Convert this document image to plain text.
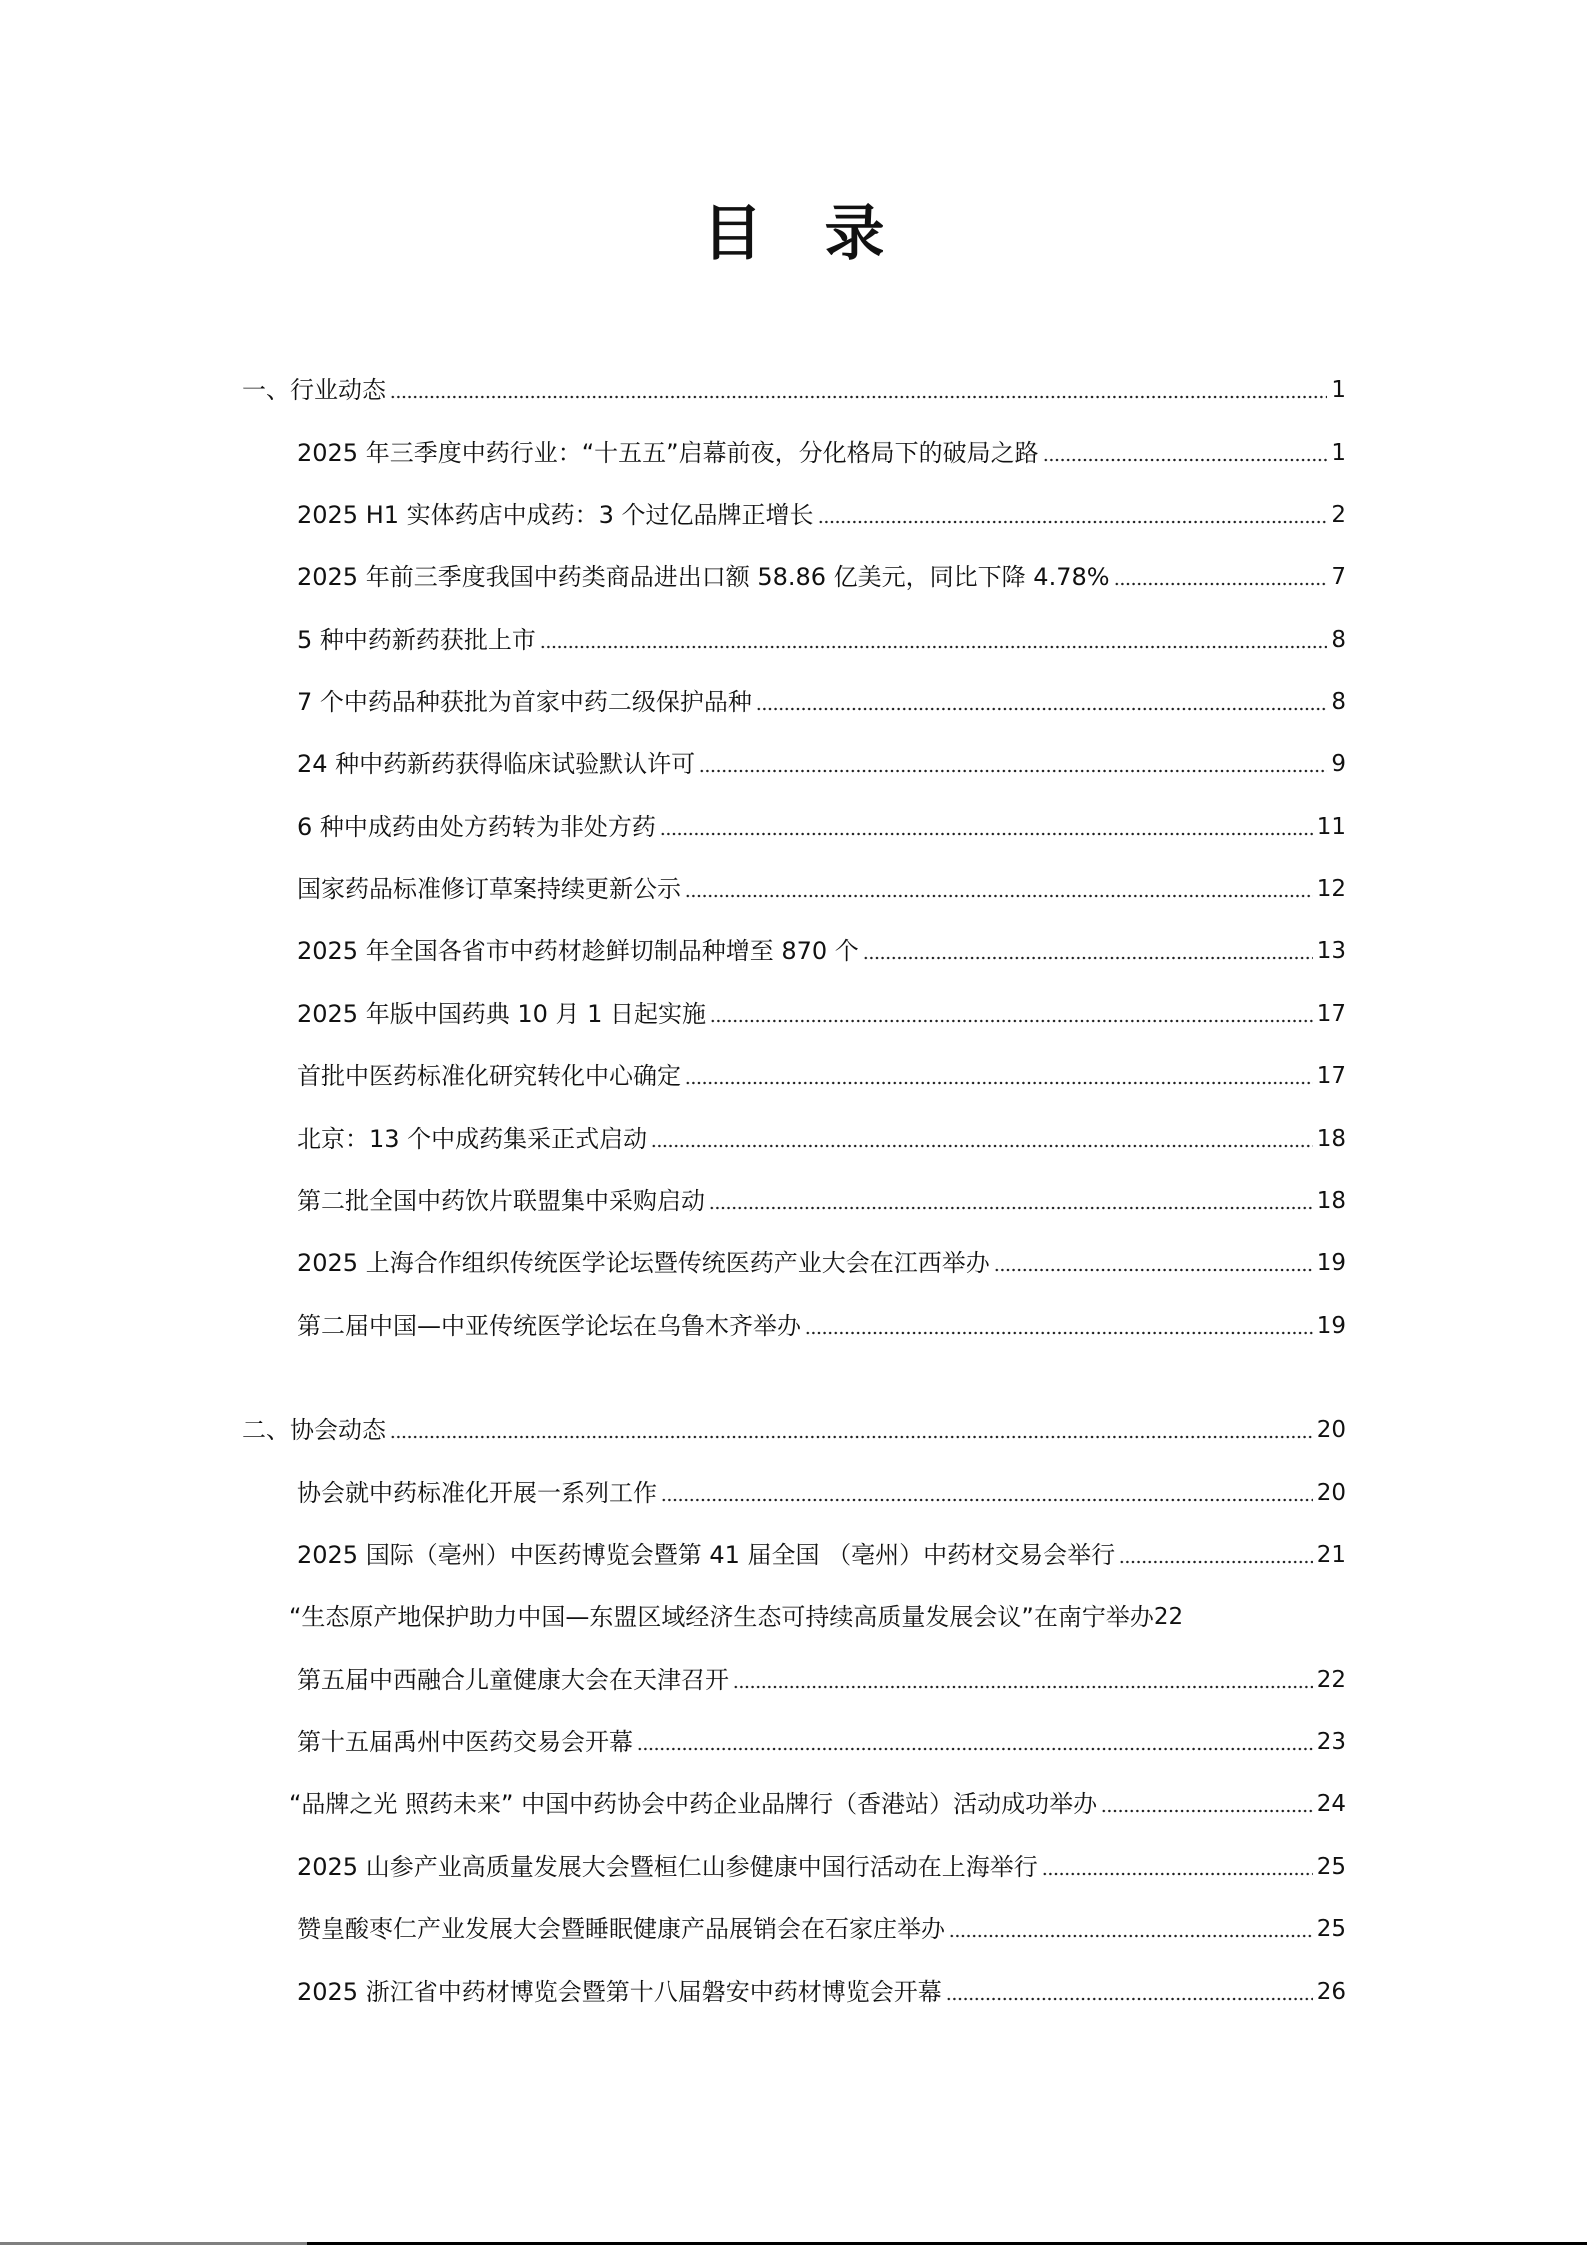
目 录
一、行业动态	1
2025 年三季度中药行业：“十五五”启幕前夜，分化格局下的破局之路	1
2025 H1 实体药店中成药：3 个过亿品牌正增长	2
2025 年前三季度我国中药类商品进出口额 58.86 亿美元，同比下降 4.78%	7
5 种中药新药获批上市	8
7 个中药品种获批为首家中药二级保护品种	8
24 种中药新药获得临床试验默认许可	9
6 种中成药由处方药转为非处方药	11
国家药品标准修订草案持续更新公示	12
2025 年全国各省市中药材趁鲜切制品种增至 870 个	13
2025 年版中国药典 10 月 1 日起实施	17
首批中医药标准化研究转化中心确定	17
北京：13 个中成药集采正式启动	18
第二批全国中药饮片联盟集中采购启动	18
2025 上海合作组织传统医学论坛暨传统医药产业大会在江西举办	19
第二届中国—中亚传统医学论坛在乌鲁木齐举办	19
二、协会动态	20
协会就中药标准化开展一系列工作	20
2025 国际（亳州）中医药博览会暨第 41 届全国 （亳州）中药材交易会举行	21
“生态原产地保护助力中国—东盟区域经济生态可持续高质量发展会议”在南宁举办 22
第五届中西融合儿童健康大会在天津召开	22
第十五届禹州中医药交易会开幕	23
“品牌之光 照药未来” 中国中药协会中药企业品牌行（香港站）活动成功举办	24
2025 山参产业高质量发展大会暨桓仁山参健康中国行活动在上海举行	25
赞皇酸枣仁产业发展大会暨睡眠健康产品展销会在石家庄举办	25
2025 浙江省中药材博览会暨第十八届磐安中药材博览会开幕	26
